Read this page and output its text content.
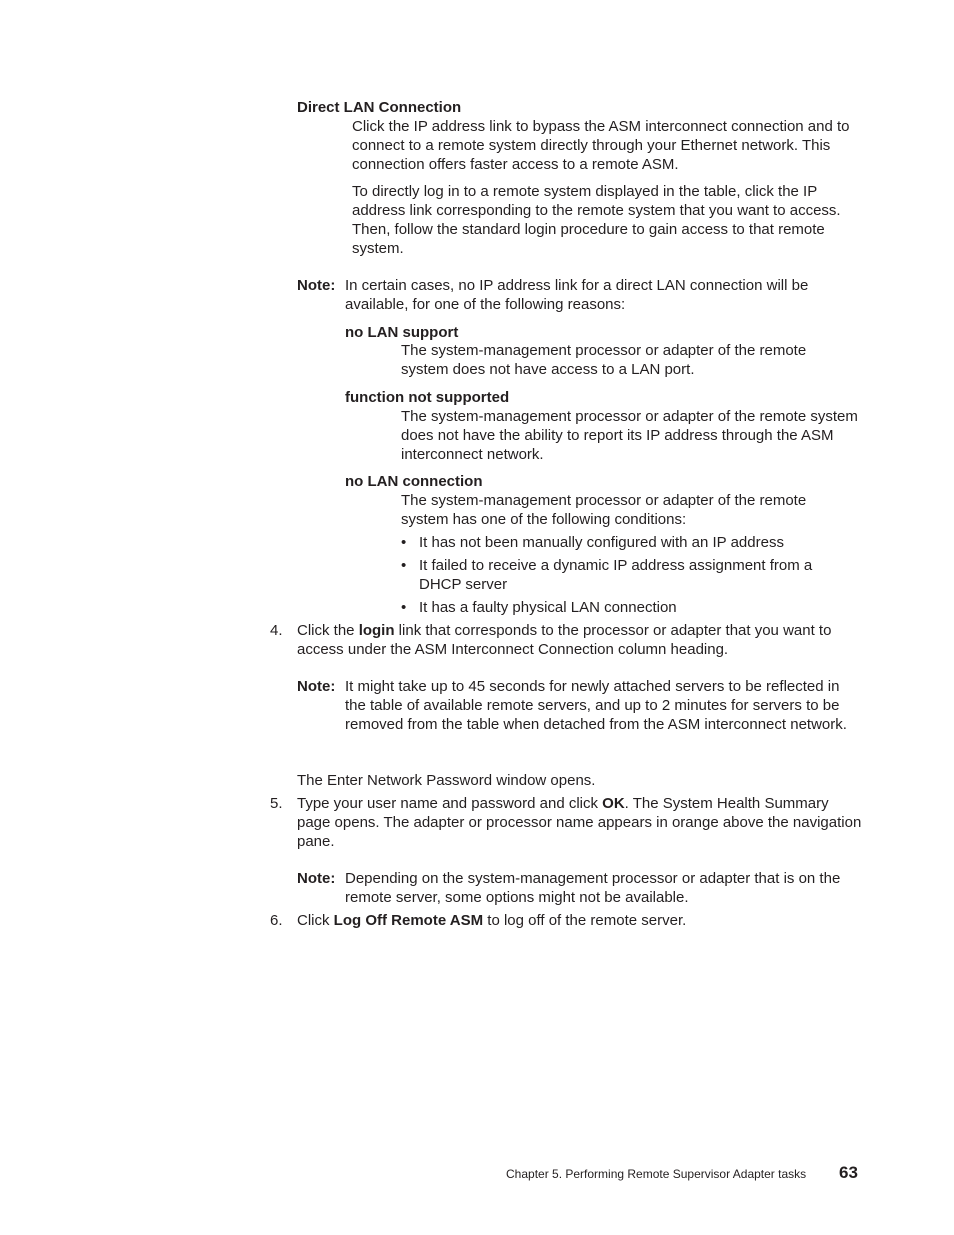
Direct LAN Connection

Click the IP address link to bypass the ASM interconnect connection and to connect to a remote system directly through your Ethernet network. This connection offers faster access to a remote ASM.

To directly log in to a remote system displayed in the table, click the IP address link corresponding to the remote system that you want to access. Then, follow the standard login procedure to gain access to that remote system.

Note: In certain cases, no IP address link for a direct LAN connection will be available, for one of the following reasons:

no LAN support

The system-management processor or adapter of the remote system does not have access to a LAN port.

function not supported

The system-management processor or adapter of the remote system does not have the ability to report its IP address through the ASM interconnect network.

no LAN connection

The system-management processor or adapter of the remote system has one of the following conditions:

• It has not been manually configured with an IP address

• It failed to receive a dynamic IP address assignment from a DHCP server

• It has a faulty physical LAN connection

4. Click the login link that corresponds to the processor or adapter that you want to access under the ASM Interconnect Connection column heading.

Note: It might take up to 45 seconds for newly attached servers to be reflected in the table of available remote servers, and up to 2 minutes for servers to be removed from the table when detached from the ASM interconnect network.

The Enter Network Password window opens.

5. Type your user name and password and click OK. The System Health Summary page opens. The adapter or processor name appears in orange above the navigation pane.

Note: Depending on the system-management processor or adapter that is on the remote server, some options might not be available.

6. Click Log Off Remote ASM to log off of the remote server.

Chapter 5. Performing Remote Supervisor Adapter tasks 63
